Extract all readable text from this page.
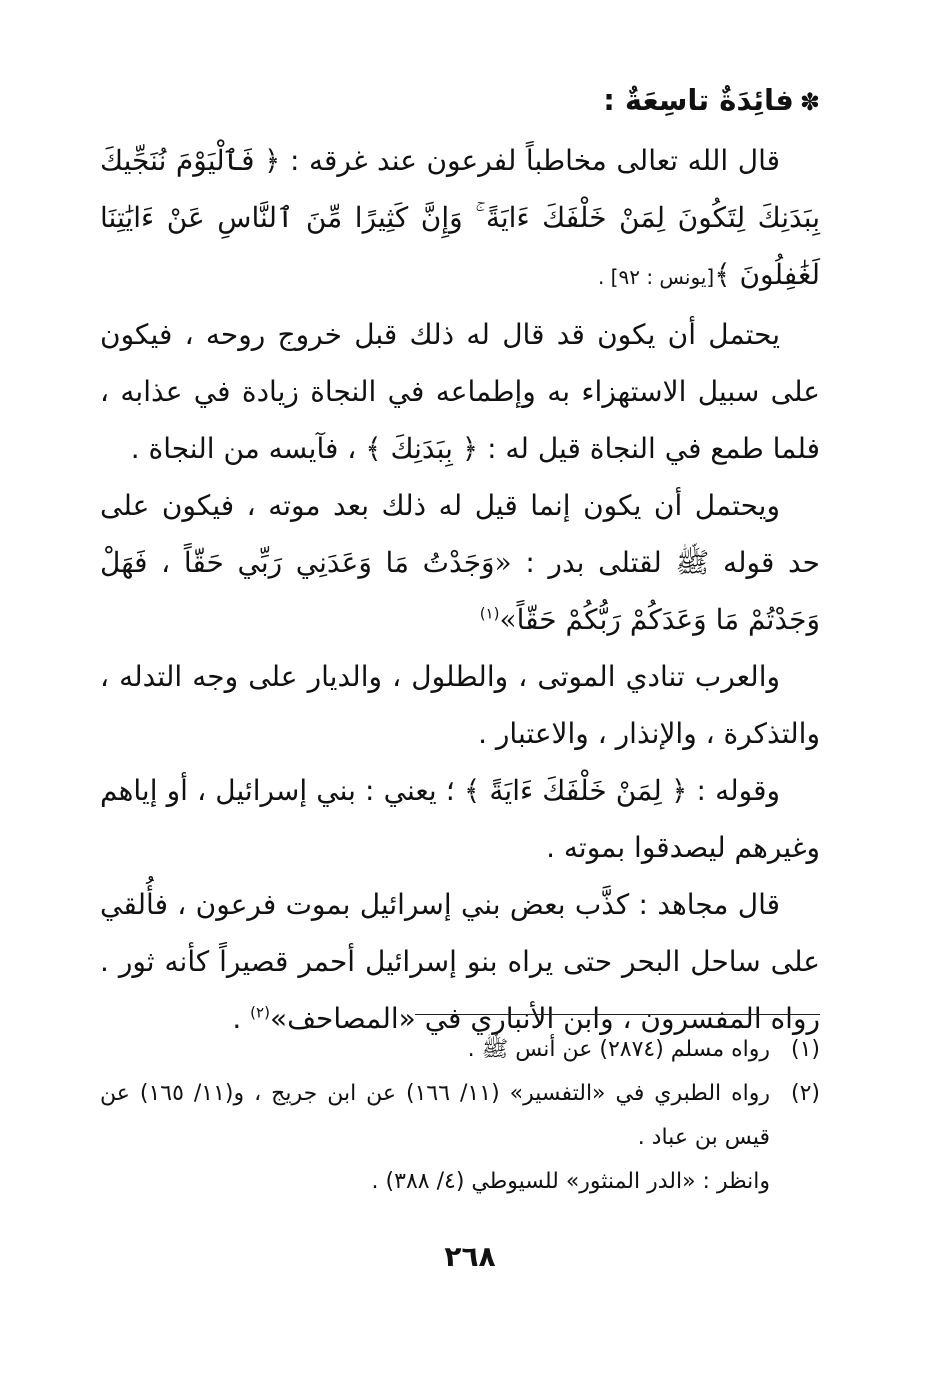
✽فائِدَةٌ تاسِعَةٌ :

قال الله تعالى مخاطباً لفرعون عند غرقه : ﴿ فَٱلْيَوْمَ نُنَجِّيكَ بِبَدَنِكَ لِتَكُونَ لِمَنْ خَلْفَكَ ءَايَةً ۚ وَإِنَّ كَثِيرًا مِّنَ ٱلنَّاسِ عَنْ ءَايَٰتِنَا لَغَٰفِلُونَ ﴾[يونس : ٩٢] .

يحتمل أن يكون قد قال له ذلك قبل خروج روحه ، فيكون على سبيل الاستهزاء به وإطماعه في النجاة زيادة في عذابه ، فلما طمع في النجاة قيل له : ﴿ بِبَدَنِكَ ﴾ ، فآيسه من النجاة .

ويحتمل أن يكون إنما قيل له ذلك بعد موته ، فيكون على حد قوله ﷺ لقتلى بدر : «وَجَدْتُ مَا وَعَدَنِي رَبِّي حَقّاً ، فَهَلْ وَجَدْتُمْ مَا وَعَدَكُمْ رَبُّكُمْ حَقّاً»$^{(١)}$

والعرب تنادي الموتى ، والطلول ، والديار على وجه التدله ، والتذكرة ، والإنذار ، والاعتبار .

وقوله : ﴿ لِمَنْ خَلْفَكَ ءَايَةً ﴾ ؛ يعني : بني إسرائيل ، أو إياهم وغيرهم ليصدقوا بموته .

قال مجاهد : كذَّب بعض بني إسرائيل بموت فرعون ، فأُلقي على ساحل البحر حتى يراه بنو إسرائيل أحمر قصيراً كأنه ثور . رواه المفسرون ، وابن الأنباري في «المصاحف»$^{(٢)}$ .

(١)
رواه مسلم (٢٨٧٤) عن أنس ﷺ .

(٢)
رواه الطبري في «التفسير» (١١/ ١٦٦) عن ابن جريج ، و(١١/ ١٦٥) عن قيس بن عباد .

وانظر : «الدر المنثور» للسيوطي (٤/ ٣٨٨) .

٢٦٨
